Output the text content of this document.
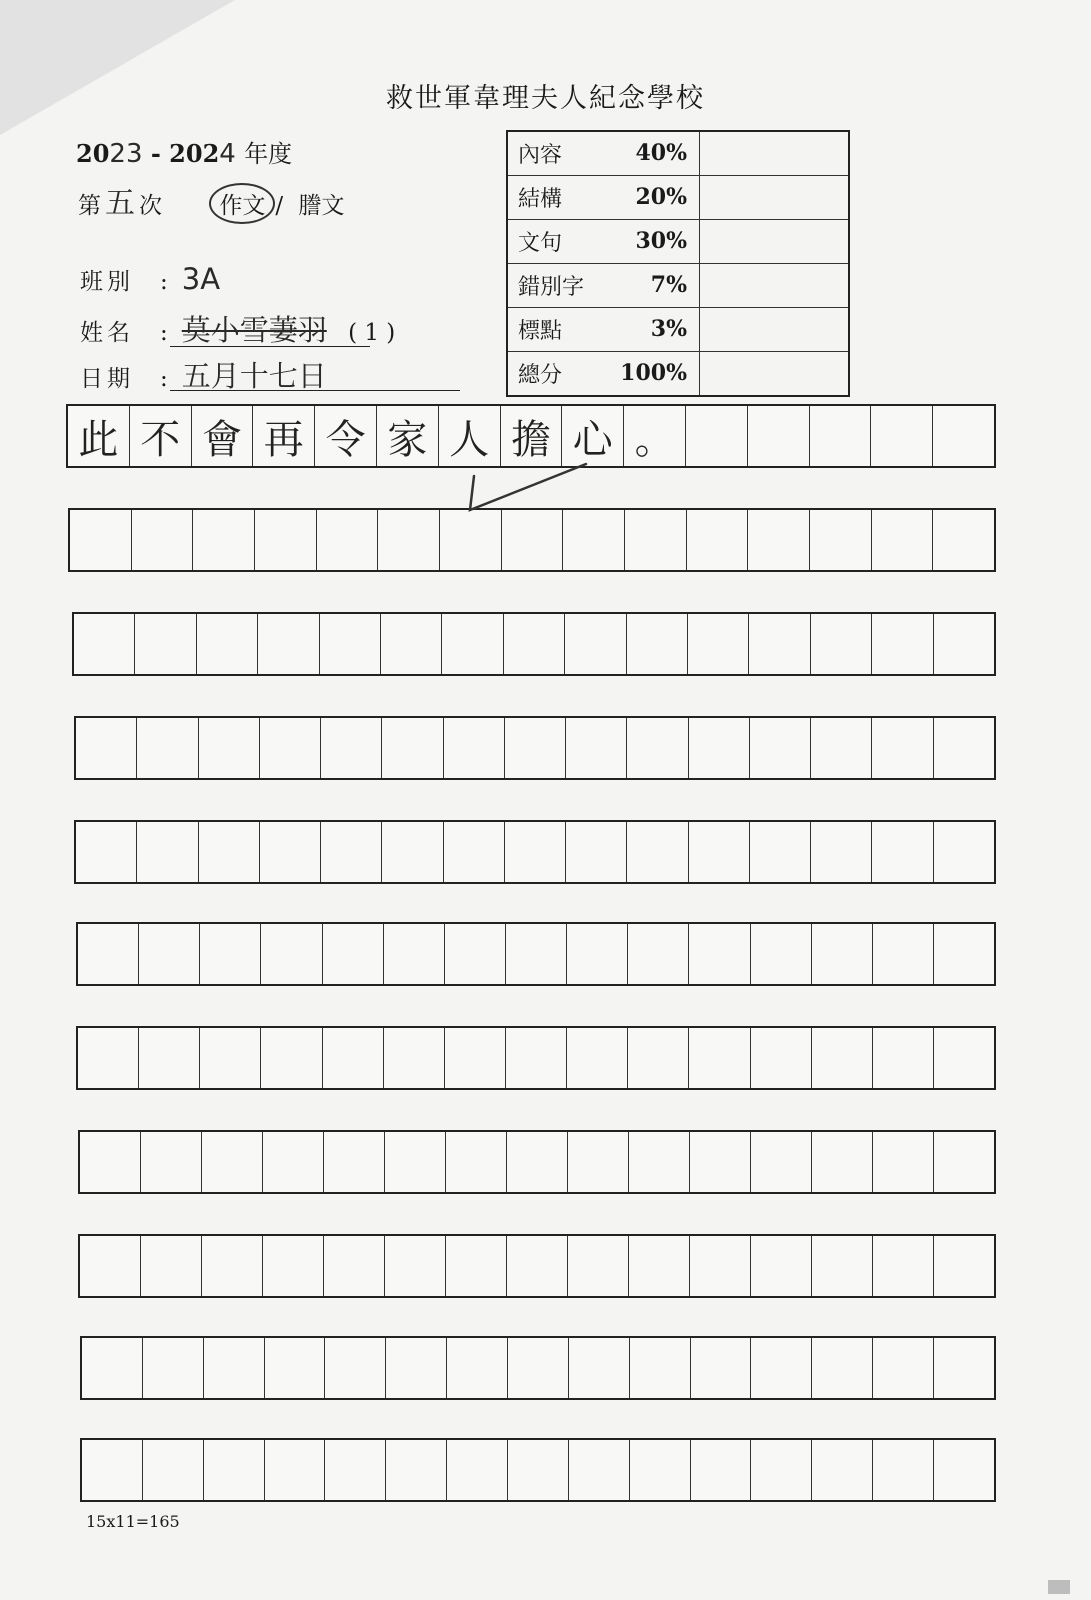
救世軍韋理夫人紀念學校
2023 - 2024 年度
第 五 次 作文 / 謄文
班別 : 3A
姓名 : 莫小雪萋羽 ( 1 )
日期 : 五月十七日
內容 40%	

結構 20%	

文句 30%	

錯別字 7%	

標點 3%	

總分 100%	

此 不 會 再 令 家 人 擔 心 。
15x11=165
